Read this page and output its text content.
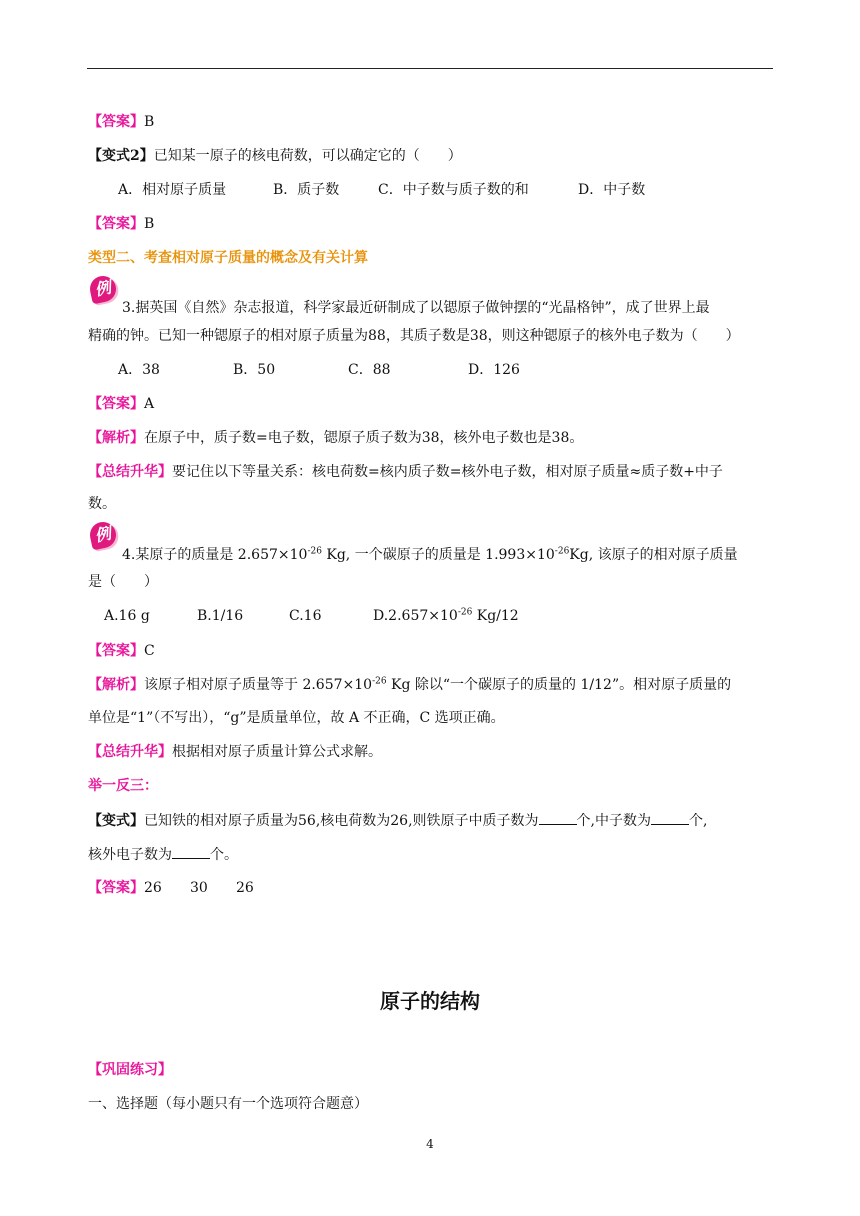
【答案】B
【变式2】已知某一原子的核电荷数，可以确定它的（　　）
A．相对原子质量	B．质子数	C．中子数与质子数的和	D．中子数
【答案】B
类型二、考查相对原子质量的概念及有关计算
例
3.据英国《自然》杂志报道，科学家最近研制成了以锶原子做钟摆的“光晶格钟”，成了世界上最
精确的钟。已知一种锶原子的相对原子质量为88，其质子数是38，则这种锶原子的核外电子数为（　　）
A．38	B．50	C．88	D．126
【答案】A
【解析】在原子中，质子数=电子数，锶原子质子数为38，核外电子数也是38。
【总结升华】要记住以下等量关系：核电荷数=核内质子数=核外电子数，相对原子质量≈质子数+中子
数。
例
4.某原子的质量是 $2.657\times 10^{-26}$ Kg, 一个碳原子的质量是 $1.993\times 10^{-26}Kg$, 该原子的相对原子质量
是（　　）
A.16 g	B.1/16	C.16	$D.2.657\times 10^{-26}$ Kg/12
【答案】C
【解析】该原子相对原子质量等于 $2.657\times 10^{-26}$ Kg 除以“一个碳原子的质量的 1/12”。相对原子质量的
单位是“1”（不写出），“g”是质量单位，故 A 不正确，C 选项正确。
【总结升华】根据相对原子质量计算公式求解。
举一反三：
【变式】已知铁的相对原子质量为56,核电荷数为26,则铁原子中质子数为	个,中子数为	个,
核外电子数为	个。
【答案】26 30 26
原子的结构
【巩固练习】
一、选择题（每小题只有一个选项符合题意）
4
